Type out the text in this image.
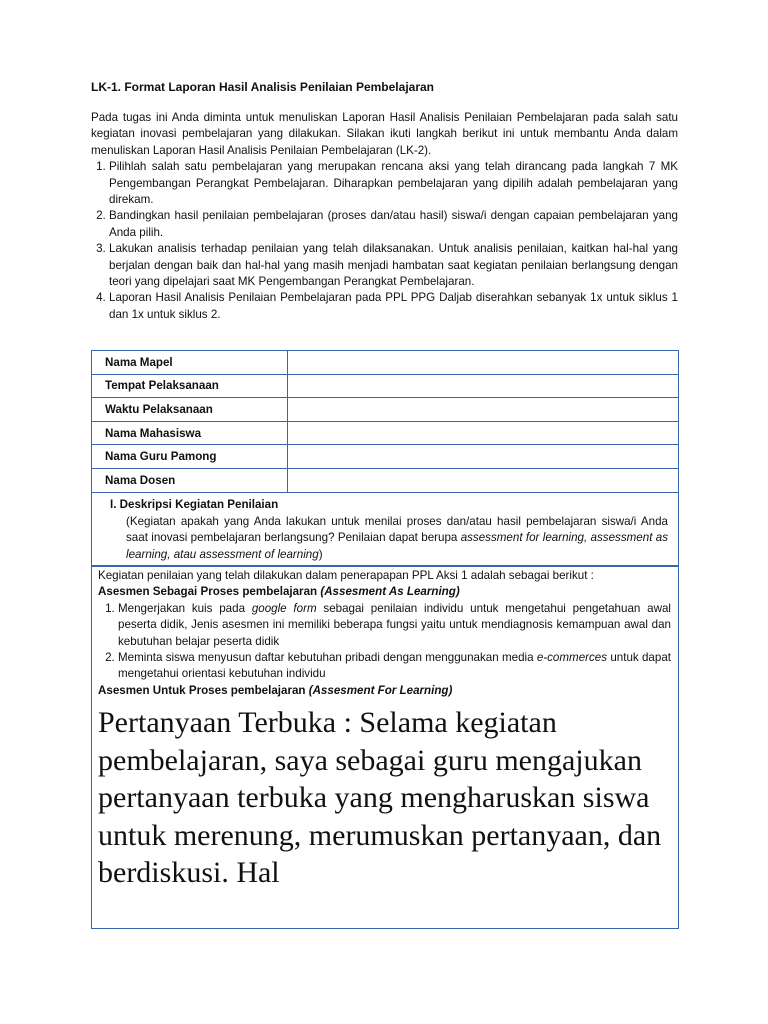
LK-1. Format Laporan Hasil Analisis Penilaian Pembelajaran

Pada tugas ini Anda diminta untuk menuliskan Laporan Hasil Analisis Penilaian Pembelajaran pada salah satu kegiatan inovasi pembelajaran yang dilakukan. Silakan ikuti langkah berikut ini untuk membantu Anda dalam menuliskan Laporan Hasil Analisis Penilaian Pembelajaran (LK-2).

1. Pilihlah salah satu pembelajaran yang merupakan rencana aksi yang telah dirancang pada langkah 7 MK Pengembangan Perangkat Pembelajaran. Diharapkan pembelajaran yang dipilih adalah pembelajaran yang direkam.
2. Bandingkan hasil penilaian pembelajaran (proses dan/atau hasil) siswa/i dengan capaian pembelajaran yang Anda pilih.
3. Lakukan analisis terhadap penilaian yang telah dilaksanakan. Untuk analisis penilaian, kaitkan hal-hal yang berjalan dengan baik dan hal-hal yang masih menjadi hambatan saat kegiatan penilaian berlangsung dengan teori yang dipelajari saat MK Pengembangan Perangkat Pembelajaran.
4. Laporan Hasil Analisis Penilaian Pembelajaran pada PPL PPG Daljab diserahkan sebanyak 1x untuk siklus 1 dan 1x untuk siklus 2.
Nama Mapel	
Tempat Pelaksanaan	
Waktu Pelaksanaan	
Nama Mahasiswa	
Nama Guru Pamong	
Nama Dosen	
I. Deskripsi Kegiatan Penilaian
(Kegiatan apakah yang Anda lakukan untuk menilai proses dan/atau hasil pembelajaran siswa/i Anda saat inovasi pembelajaran berlangsung? Penilaian dapat berupa assessment for learning, assessment as learning, atau assessment of learning)

Kegiatan penilaian yang telah dilakukan dalam penerapapan PPL Aksi 1 adalah sebagai berikut :

Asesmen Sebagai Proses pembelajaran (Assesment As Learning)

1. Mengerjakan kuis pada google form sebagai penilaian individu untuk mengetahui pengetahuan awal peserta didik, Jenis asesmen ini memiliki beberapa fungsi yaitu untuk mendiagnosis kemampuan awal dan kebutuhan belajar peserta didik
2. Meminta siswa menyusun daftar kebutuhan pribadi dengan menggunakan media e-commerces untuk dapat mengetahui orientasi kebutuhan individu

Asesmen Untuk Proses pembelajaran (Assesment For Learning)

Pertanyaan Terbuka : Selama kegiatan pembelajaran, saya sebagai guru mengajukan pertanyaan terbuka yang mengharuskan siswa untuk merenung, merumuskan pertanyaan, dan berdiskusi. Hal
